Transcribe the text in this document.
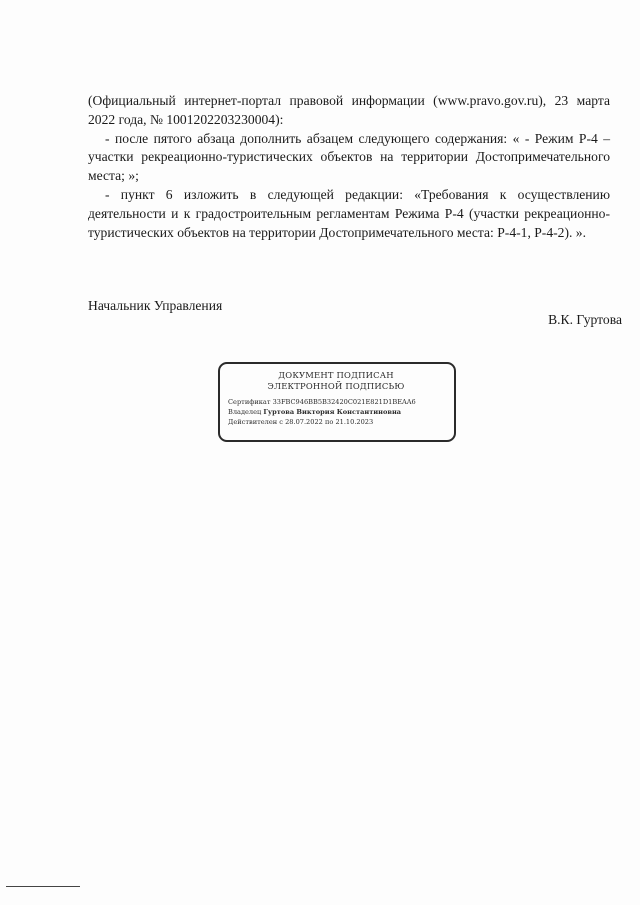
(Официальный интернет-портал правовой информации (www.pravo.gov.ru), 23 марта 2022 года, № 1001202203230004):

- после пятого абзаца дополнить абзацем следующего содержания: « - Режим Р-4 – участки рекреационно-туристических объектов на территории Достопримечательного места; »;

- пункт 6 изложить в следующей редакции: «Требования к осуществлению деятельности и к градостроительным регламентам Режима Р-4 (участки рекреационно-туристических объектов на территории Достопримечательного места: Р-4-1, Р-4-2). ».

Начальник Управления
В.К. Гуртова
ДОКУМЕНТ ПОДПИСАН
ЭЛЕКТРОННОЙ ПОДПИСЬЮ
Сертификат 33FBC946BB5B32420C021E821D1BEAA6
Владелец Гуртова Виктория Константиновна
Действителен с 28.07.2022 по 21.10.2023
